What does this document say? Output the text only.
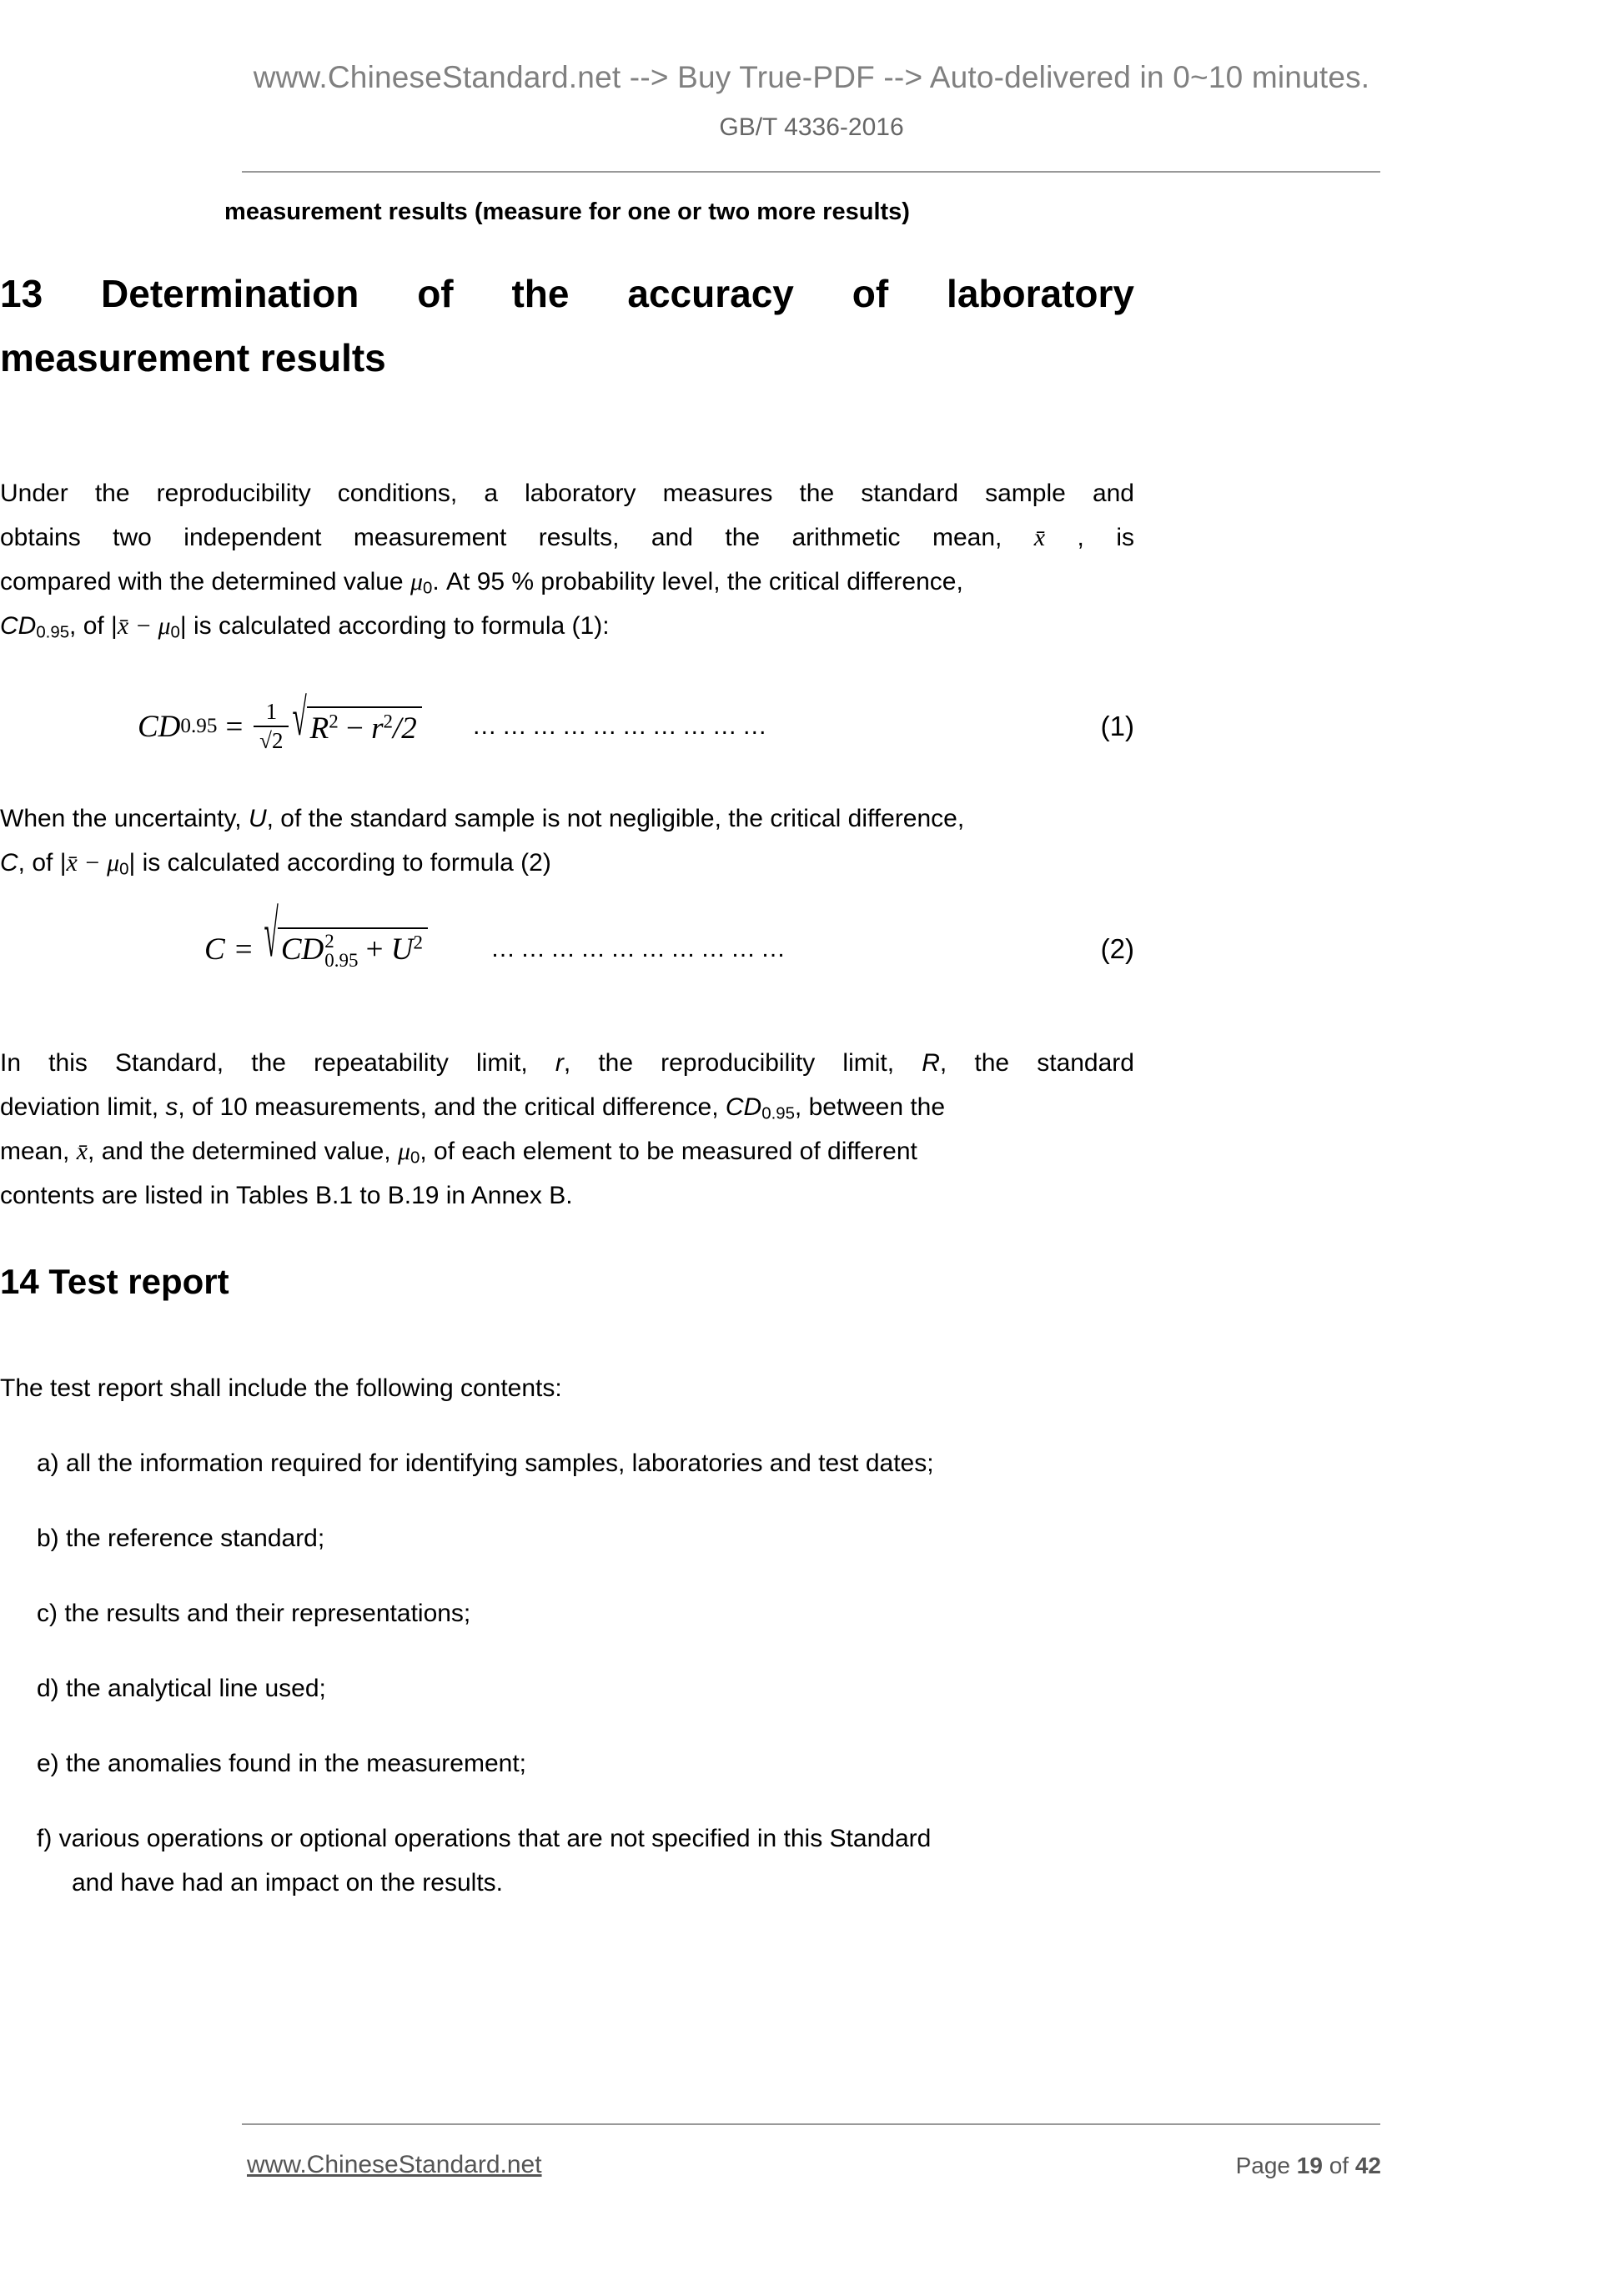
www.ChineseStandard.net --> Buy True-PDF --> Auto-delivered in 0~10 minutes.
GB/T 4336-2016
measurement results (measure for one or two more results)
13 Determination of the accuracy of laboratory
measurement results

Under the reproducibility conditions, a laboratory measures the standard sample and

obtains two independent measurement results, and the arithmetic mean, x̄ , is

compared with the determined value $\mu_0$. At 95 % probability level, the critical difference,

$CD_{0.95}$, of |x̄ − $\mu_0|$ is calculated according to formula (1):

CD $0.95 = \frac{1}{√2}$ √ $R^2 - r^2/2$ …………………………	(1)

When the uncertainty, U, of the standard sample is not negligible, the critical difference,

C, of |x̄ − $\mu_0|$ is calculated according to formula (2)

C = √ CD 2
$0.95 + U^2$	…………………………	(2)

In this Standard, the repeatability limit, r, the reproducibility limit, R, the standard

deviation limit, s, of 10 measurements, and the critical difference, $CD_{0.95}$, between the

mean, x̄, and the determined value, $\mu_0$, of each element to be measured of different

contents are listed in Tables B.1 to B.19 in Annex B.

14 Test report

The test report shall include the following contents:

a) all the information required for identifying samples, laboratories and test dates;

b) the reference standard;

c) the results and their representations;

d) the analytical line used;

e) the anomalies found in the measurement;

f) various operations or optional operations that are not specified in this Standard
and have had an impact on the results.

www.ChineseStandard.net	Page 19 of 42
